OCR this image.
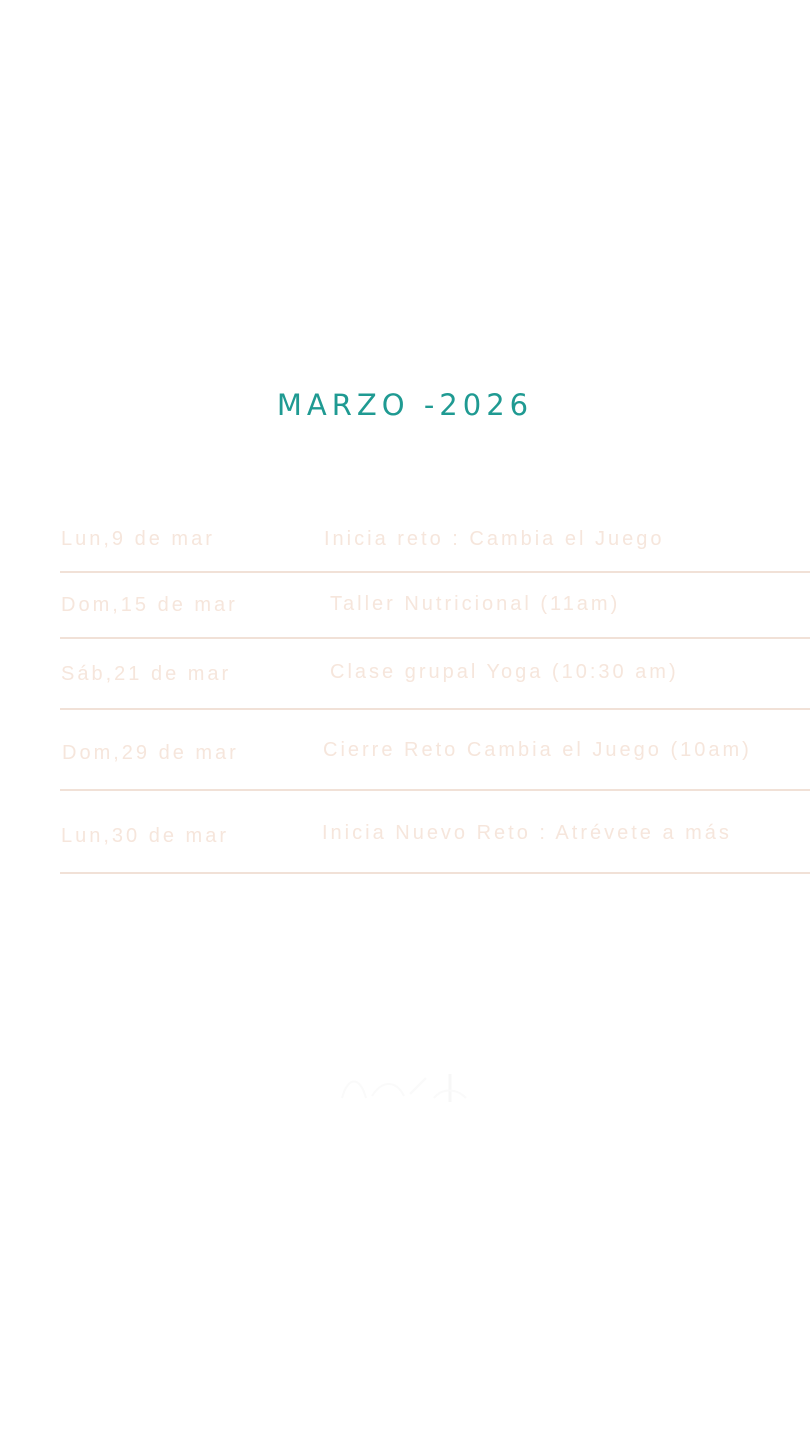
MARZO -2026
Lun,9 de mar	Inicia reto : Cambia el Juego
Dom,15 de mar	Taller Nutricional (11am)
Sáb,21 de mar	Clase grupal Yoga (10:30 am)
Dom,29 de mar	Cierre Reto Cambia el Juego (10am)
Lun,30 de mar	Inicia Nuevo Reto : Atrévete a más
